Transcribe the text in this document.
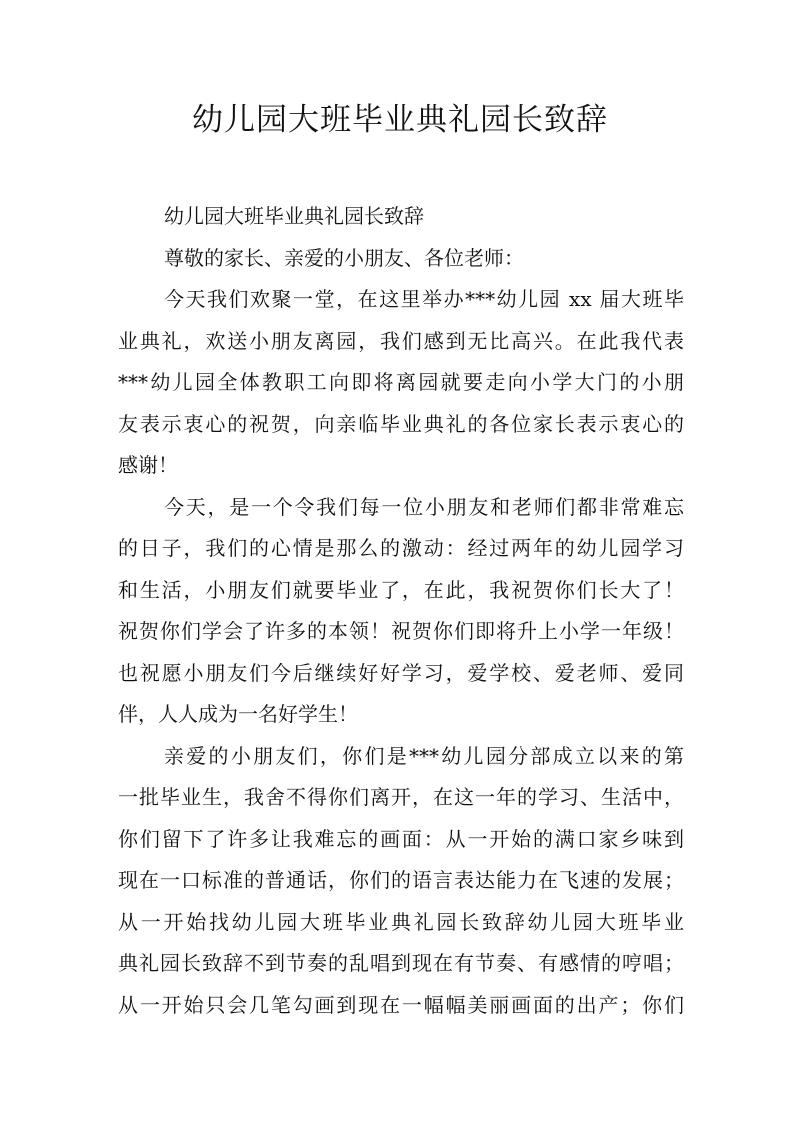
幼儿园大班毕业典礼园长致辞
幼儿园大班毕业典礼园长致辞
尊敬的家长、亲爱的小朋友、各位老师：
今天我们欢聚一堂，在这里举办***幼儿园 xx 届大班毕
业典礼，欢送小朋友离园，我们感到无比高兴。在此我代表
***幼儿园全体教职工向即将离园就要走向小学大门的小朋
友表示衷心的祝贺，向亲临毕业典礼的各位家长表示衷心的
感谢！
今天，是一个令我们每一位小朋友和老师们都非常难忘
的日子，我们的心情是那么的激动：经过两年的幼儿园学习
和生活，小朋友们就要毕业了，在此，我祝贺你们长大了！
祝贺你们学会了许多的本领！祝贺你们即将升上小学一年级！
也祝愿小朋友们今后继续好好学习，爱学校、爱老师、爱同
伴，人人成为一名好学生！
亲爱的小朋友们，你们是***幼儿园分部成立以来的第
一批毕业生，我舍不得你们离开，在这一年的学习、生活中，
你们留下了许多让我难忘的画面：从一开始的满口家乡味到
现在一口标准的普通话，你们的语言表达能力在飞速的发展；
从一开始找幼儿园大班毕业典礼园长致辞幼儿园大班毕业
典礼园长致辞不到节奏的乱唱到现在有节奏、有感情的哼唱；
从一开始只会几笔勾画到现在一幅幅美丽画面的出产；你们
